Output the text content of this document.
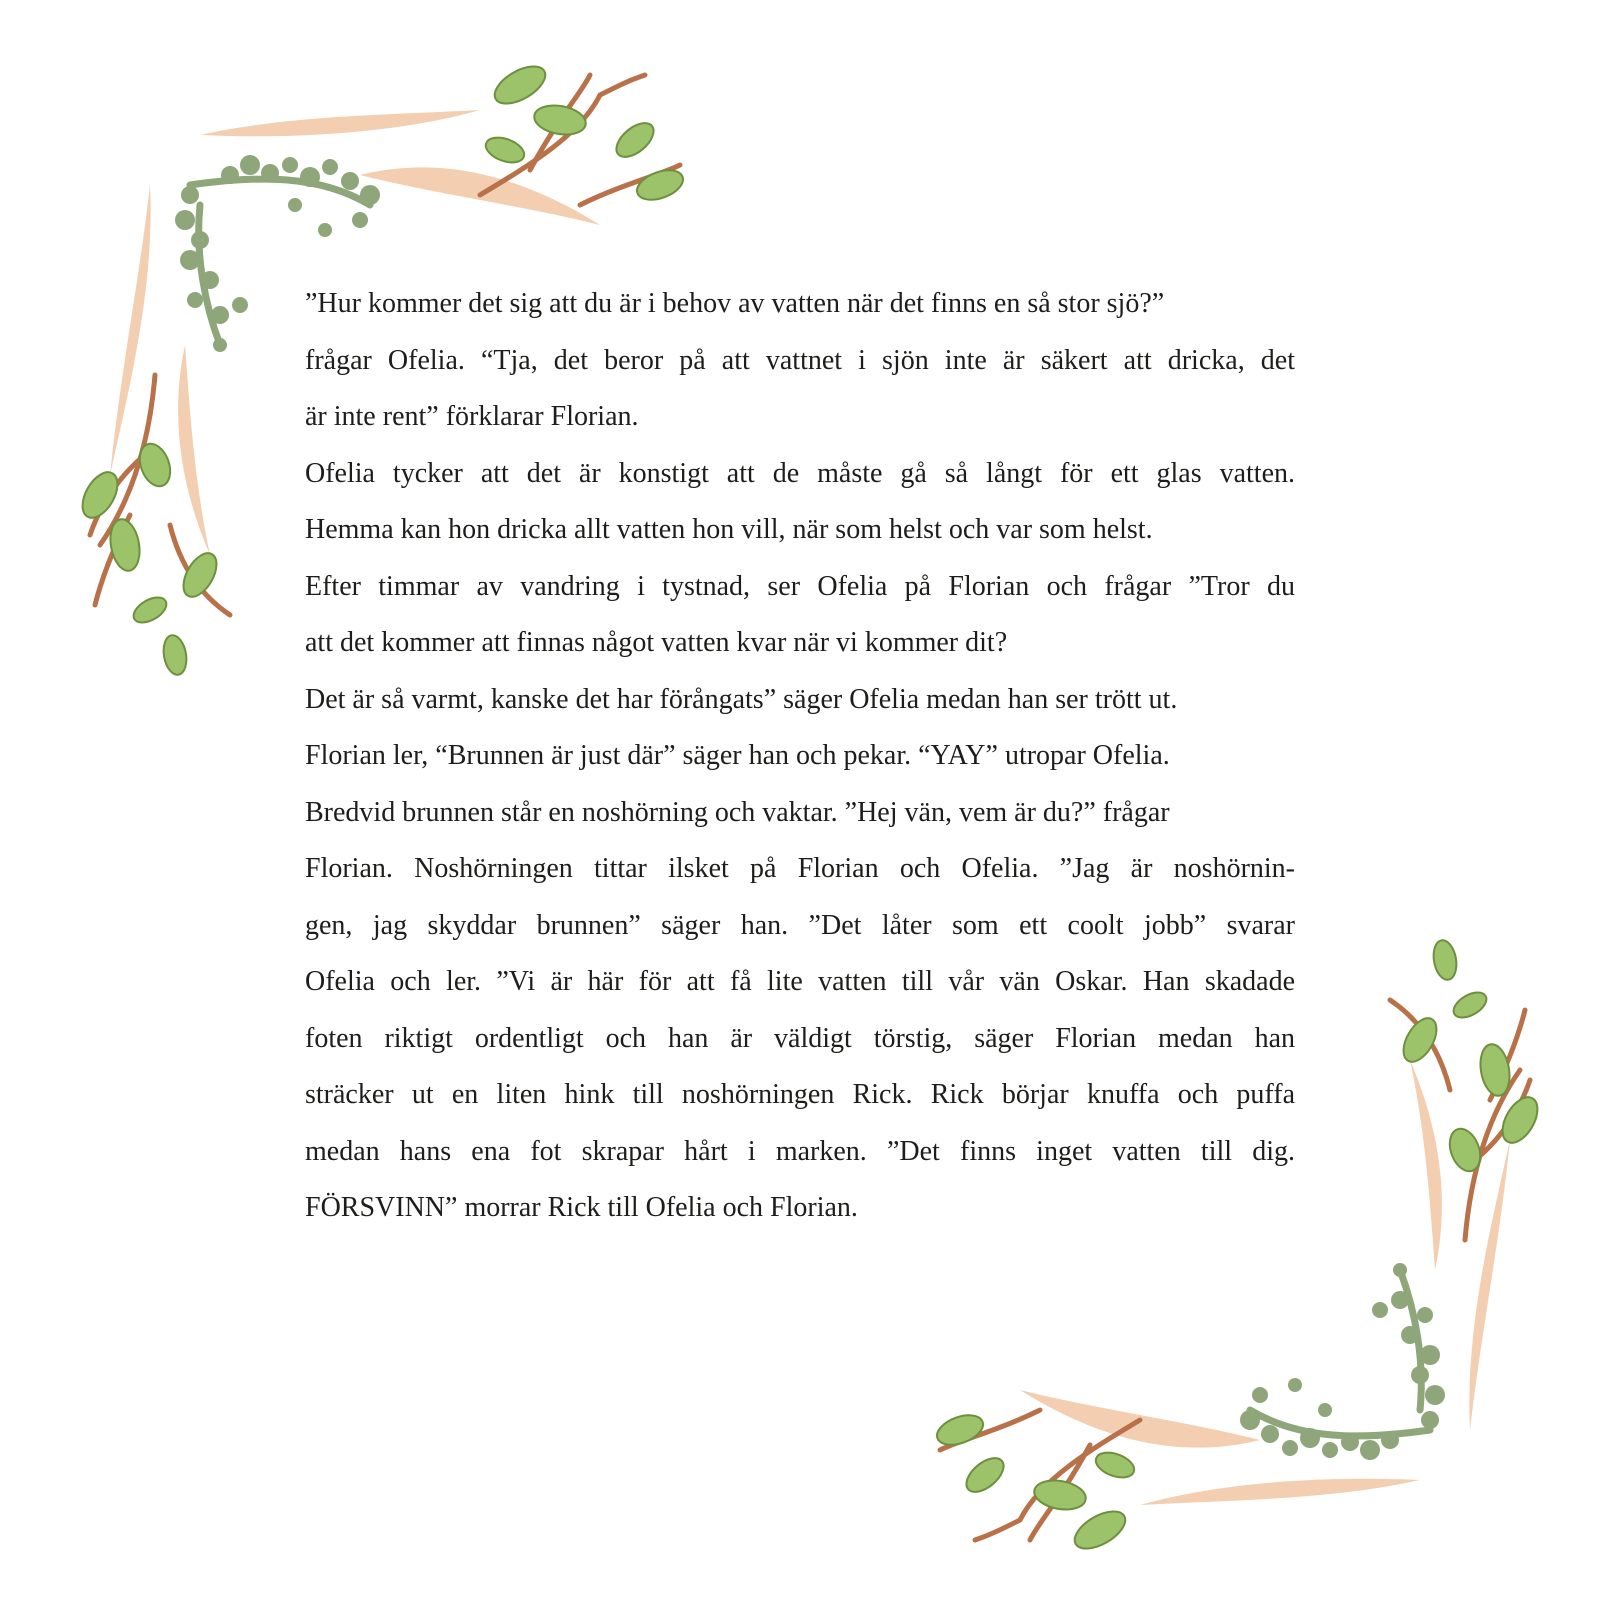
”Hur kommer det sig att du är i behov av vatten när det finns en så stor sjö?”
frågar Ofelia. “Tja, det beror på att vattnet i sjön inte är säkert att dricka, det
är inte rent” förklarar Florian.
Ofelia tycker att det är konstigt att de måste gå så långt för ett glas vatten.
Hemma kan hon dricka allt vatten hon vill, när som helst och var som helst.
Efter timmar av vandring i tystnad, ser Ofelia på Florian och frågar ”Tror du
att det kommer att finnas något vatten kvar när vi kommer dit?
Det är så varmt, kanske det har förångats” säger Ofelia medan han ser trött ut.
Florian ler, “Brunnen är just där” säger han och pekar. “YAY” utropar Ofelia.
Bredvid brunnen står en noshörning och vaktar. ”Hej vän, vem är du?” frågar
Florian. Noshörningen tittar ilsket på Florian och Ofelia. ”Jag är noshörnin-
gen, jag skyddar brunnen” säger han. ”Det låter som ett coolt jobb” svarar
Ofelia och ler. ”Vi är här för att få lite vatten till vår vän Oskar. Han skadade
foten riktigt ordentligt och han är väldigt törstig, säger Florian medan han
sträcker ut en liten hink till noshörningen Rick. Rick börjar knuffa och puffa
medan hans ena fot skrapar hårt i marken. ”Det finns inget vatten till dig.
FÖRSVINN” morrar Rick till Ofelia och Florian.
